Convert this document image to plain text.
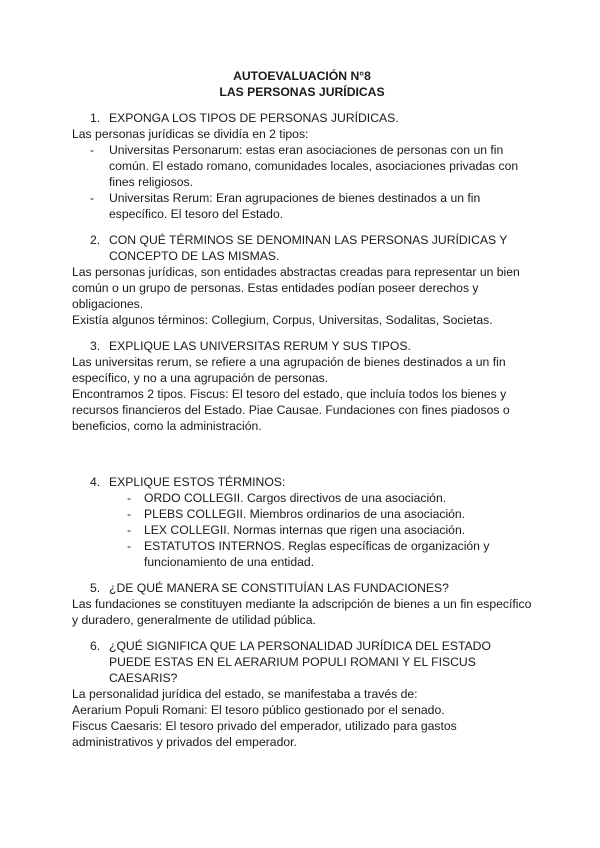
AUTOEVALUACIÓN N°8

LAS PERSONAS JURÍDICAS

1. EXPONGA LOS TIPOS DE PERSONAS JURÍDICAS.

Las personas jurídicas se dividía en 2 tipos:

- Universitas Personarum: estas eran asociaciones de personas con un fin común. El estado romano, comunidades locales, asociaciones privadas con fines religiosos.
- Universitas Rerum: Eran agrupaciones de bienes destinados a un fin específico. El tesoro del Estado.

2. CON QUÉ TÉRMINOS SE DENOMINAN LAS PERSONAS JURÍDICAS Y CONCEPTO DE LAS MISMAS.

Las personas jurídicas, son entidades abstractas creadas para representar un bien común o un grupo de personas. Estas entidades podían poseer derechos y obligaciones.

Existía algunos términos: Collegium, Corpus, Universitas, Sodalitas, Societas.

3. EXPLIQUE LAS UNIVERSITAS RERUM Y SUS TIPOS.

Las universitas rerum, se refiere a una agrupación de bienes destinados a un fin específico, y no a una agrupación de personas.

Encontramos 2 tipos. Fiscus: El tesoro del estado, que incluía todos los bienes y recursos financieros del Estado. Piae Causae. Fundaciones con fines piadosos o beneficios, como la administración.

4. EXPLIQUE ESTOS TÉRMINOS:

- ORDO COLLEGII. Cargos directivos de una asociación.
- PLEBS COLLEGII. Miembros ordinarios de una asociación.
- LEX COLLEGII. Normas internas que rigen una asociación.
- ESTATUTOS INTERNOS. Reglas específicas de organización y funcionamiento de una entidad.

5. ¿DE QUÉ MANERA SE CONSTITUÍAN LAS FUNDACIONES?

Las fundaciones se constituyen mediante la adscripción de bienes a un fin específico y duradero, generalmente de utilidad pública.

6. ¿QUÉ SIGNIFICA QUE LA PERSONALIDAD JURÍDICA DEL ESTADO PUEDE ESTAS EN EL AERARIUM POPULI ROMANI Y EL FISCUS CAESARIS?

La personalidad jurídica del estado, se manifestaba a través de:

Aerarium Populi Romani: El tesoro público gestionado por el senado.

Fiscus Caesaris: El tesoro privado del emperador, utilizado para gastos administrativos y privados del emperador.
